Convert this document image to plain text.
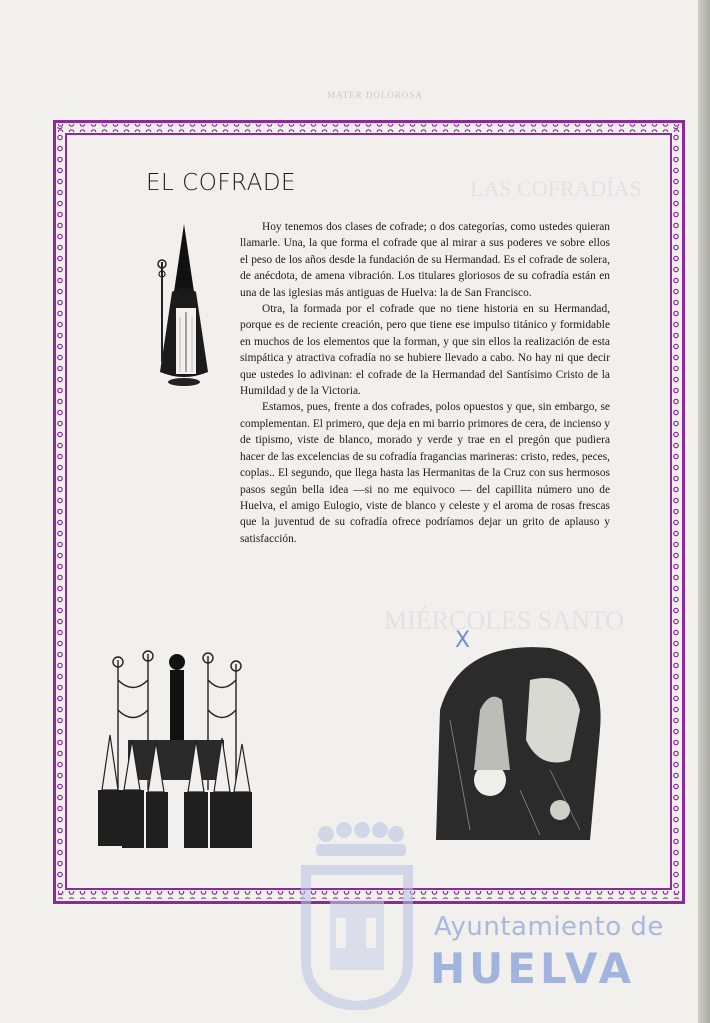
MATER DOLOROSA
LAS COFRADÍAS
MIÉRCOLES SANTO
EL COFRADE

Hoy tenemos dos clases de cofrade; o dos categorías, como ustedes quieran llamarle. Una, la que forma el cofrade que al mirar a sus poderes ve sobre ellos el peso de los años desde la fundación de su Hermandad. Es el cofrade de solera, de anécdota, de amena vibración. Los titulares gloriosos de su cofradía están en una de las iglesias más antiguas de Huelva: la de San Francisco.

Otra, la formada por el cofrade que no tiene historia en su Hermandad, porque es de reciente creación, pero que tiene ese impulso titánico y formidable en muchos de los elementos que la forman, y que sin ellos la realización de esta simpática y atractiva cofradía no se hubiere llevado a cabo. No hay ni que decir que ustedes lo adivinan: el cofrade de la Hermandad del Santísimo Cristo de la Humildad y de la Victoria.

Estamos, pues, frente a dos cofrades, polos opuestos y que, sin embargo, se complementan. El primero, que deja en mi barrio primores de cera, de incienso y de tipismo, viste de blanco, morado y verde y trae en el pregón que pudiera hacer de las excelencias de su cofradía fragancias marineras: cristo, redes, peces, coplas.. El segundo, que llega hasta las Hermanitas de la Cruz con sus hermosos pasos según bella idea —si no me equivoco — del capillita número uno de Huelva, el amigo Eulogio, viste de blanco y celeste y el aroma de rosas frescas que la juventud de su cofradía ofrece podríamos dejar un grito de aplauso y satisfacción.

X
Ayuntamiento de
HUELVA
